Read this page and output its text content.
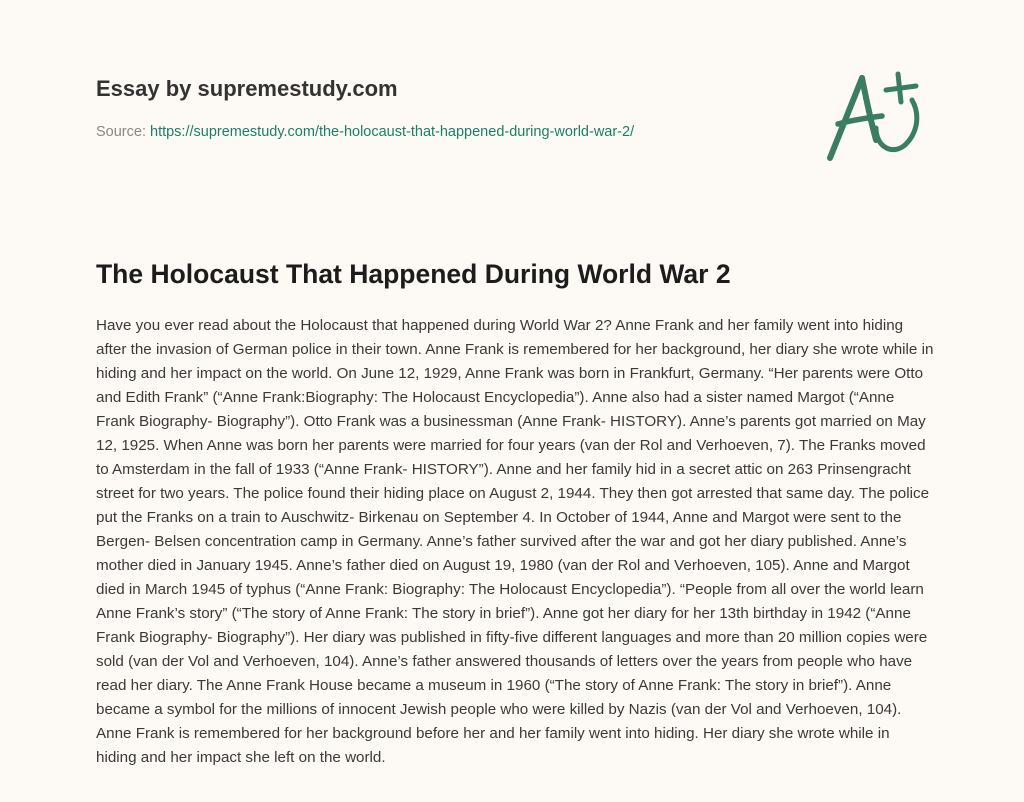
Essay by supremestudy.com
Source: https://supremestudy.com/the-holocaust-that-happened-during-world-war-2/
The Holocaust That Happened During World War 2

Have you ever read about the Holocaust that happened during World War 2? Anne Frank and her family went into hiding after the invasion of German police in their town. Anne Frank is remembered for her background, her diary she wrote while in hiding and her impact on the world. On June 12, 1929, Anne Frank was born in Frankfurt, Germany. “Her parents were Otto and Edith Frank” (“Anne Frank:Biography: The Holocaust Encyclopedia”). Anne also had a sister named Margot (“Anne Frank Biography- Biography”). Otto Frank was a businessman (Anne Frank- HISTORY). Anne’s parents got married on May 12, 1925. When Anne was born her parents were married for four years (van der Rol and Verhoeven, 7). The Franks moved to Amsterdam in the fall of 1933 (“Anne Frank- HISTORY”). Anne and her family hid in a secret attic on 263 Prinsengracht street for two years. The police found their hiding place on August 2, 1944. They then got arrested that same day. The police put the Franks on a train to Auschwitz- Birkenau on September 4. In October of 1944, Anne and Margot were sent to the Bergen- Belsen concentration camp in Germany. Anne’s father survived after the war and got her diary published. Anne’s mother died in January 1945. Anne’s father died on August 19, 1980 (van der Rol and Verhoeven, 105). Anne and Margot died in March 1945 of typhus (“Anne Frank: Biography: The Holocaust Encyclopedia”). “People from all over the world learn Anne Frank’s story” (“The story of Anne Frank: The story in brief”). Anne got her diary for her 13th birthday in 1942 (“Anne Frank Biography- Biography”). Her diary was published in fifty-five different languages and more than 20 million copies were sold (van der Vol and Verhoeven, 104). Anne’s father answered thousands of letters over the years from people who have read her diary. The Anne Frank House became a museum in 1960 (“The story of Anne Frank: The story in brief”). Anne became a symbol for the millions of innocent Jewish people who were killed by Nazis (van der Vol and Verhoeven, 104). Anne Frank is remembered for her background before her and her family went into hiding. Her diary she wrote while in hiding and her impact she left on the world.
